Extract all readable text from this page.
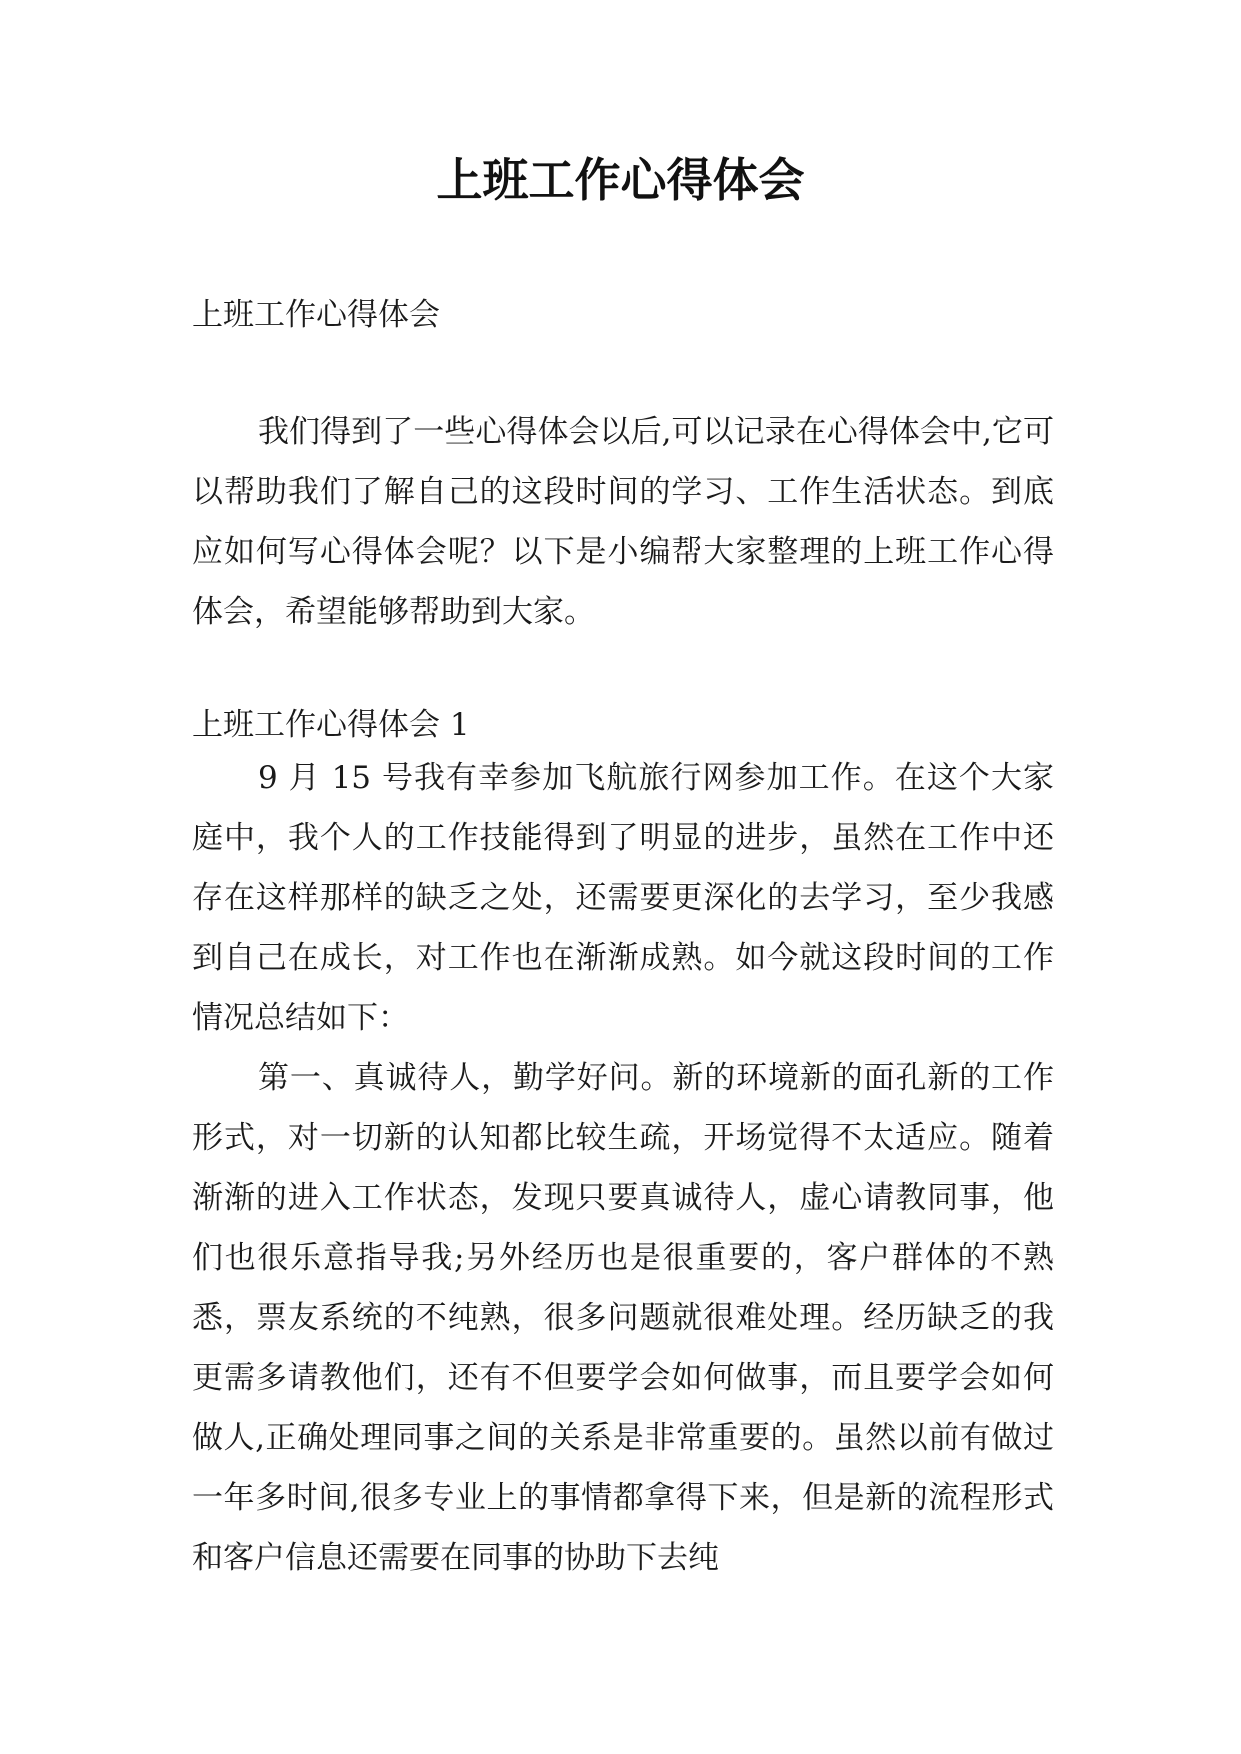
上班工作心得体会

上班工作心得体会

我们得到了一些心得体会以后,可以记录在心得体会中,它可以帮助我们了解自己的这段时间的学习、工作生活状态。到底应如何写心得体会呢？以下是小编帮大家整理的上班工作心得体会，希望能够帮助到大家。

上班工作心得体会 1

9 月 15 号我有幸参加飞航旅行网参加工作。在这个大家庭中，我个人的工作技能得到了明显的进步，虽然在工作中还存在这样那样的缺乏之处，还需要更深化的去学习，至少我感到自己在成长，对工作也在渐渐成熟。如今就这段时间的工作情况总结如下：

第一、真诚待人，勤学好问。新的环境新的面孔新的工作形式，对一切新的认知都比较生疏，开场觉得不太适应。随着渐渐的进入工作状态，发现只要真诚待人，虚心请教同事，他们也很乐意指导我;另外经历也是很重要的，客户群体的不熟悉，票友系统的不纯熟，很多问题就很难处理。经历缺乏的我更需多请教他们，还有不但要学会如何做事，而且要学会如何做人,正确处理同事之间的关系是非常重要的。虽然以前有做过一年多时间,很多专业上的事情都拿得下来，但是新的流程形式和客户信息还需要在同事的协助下去纯
